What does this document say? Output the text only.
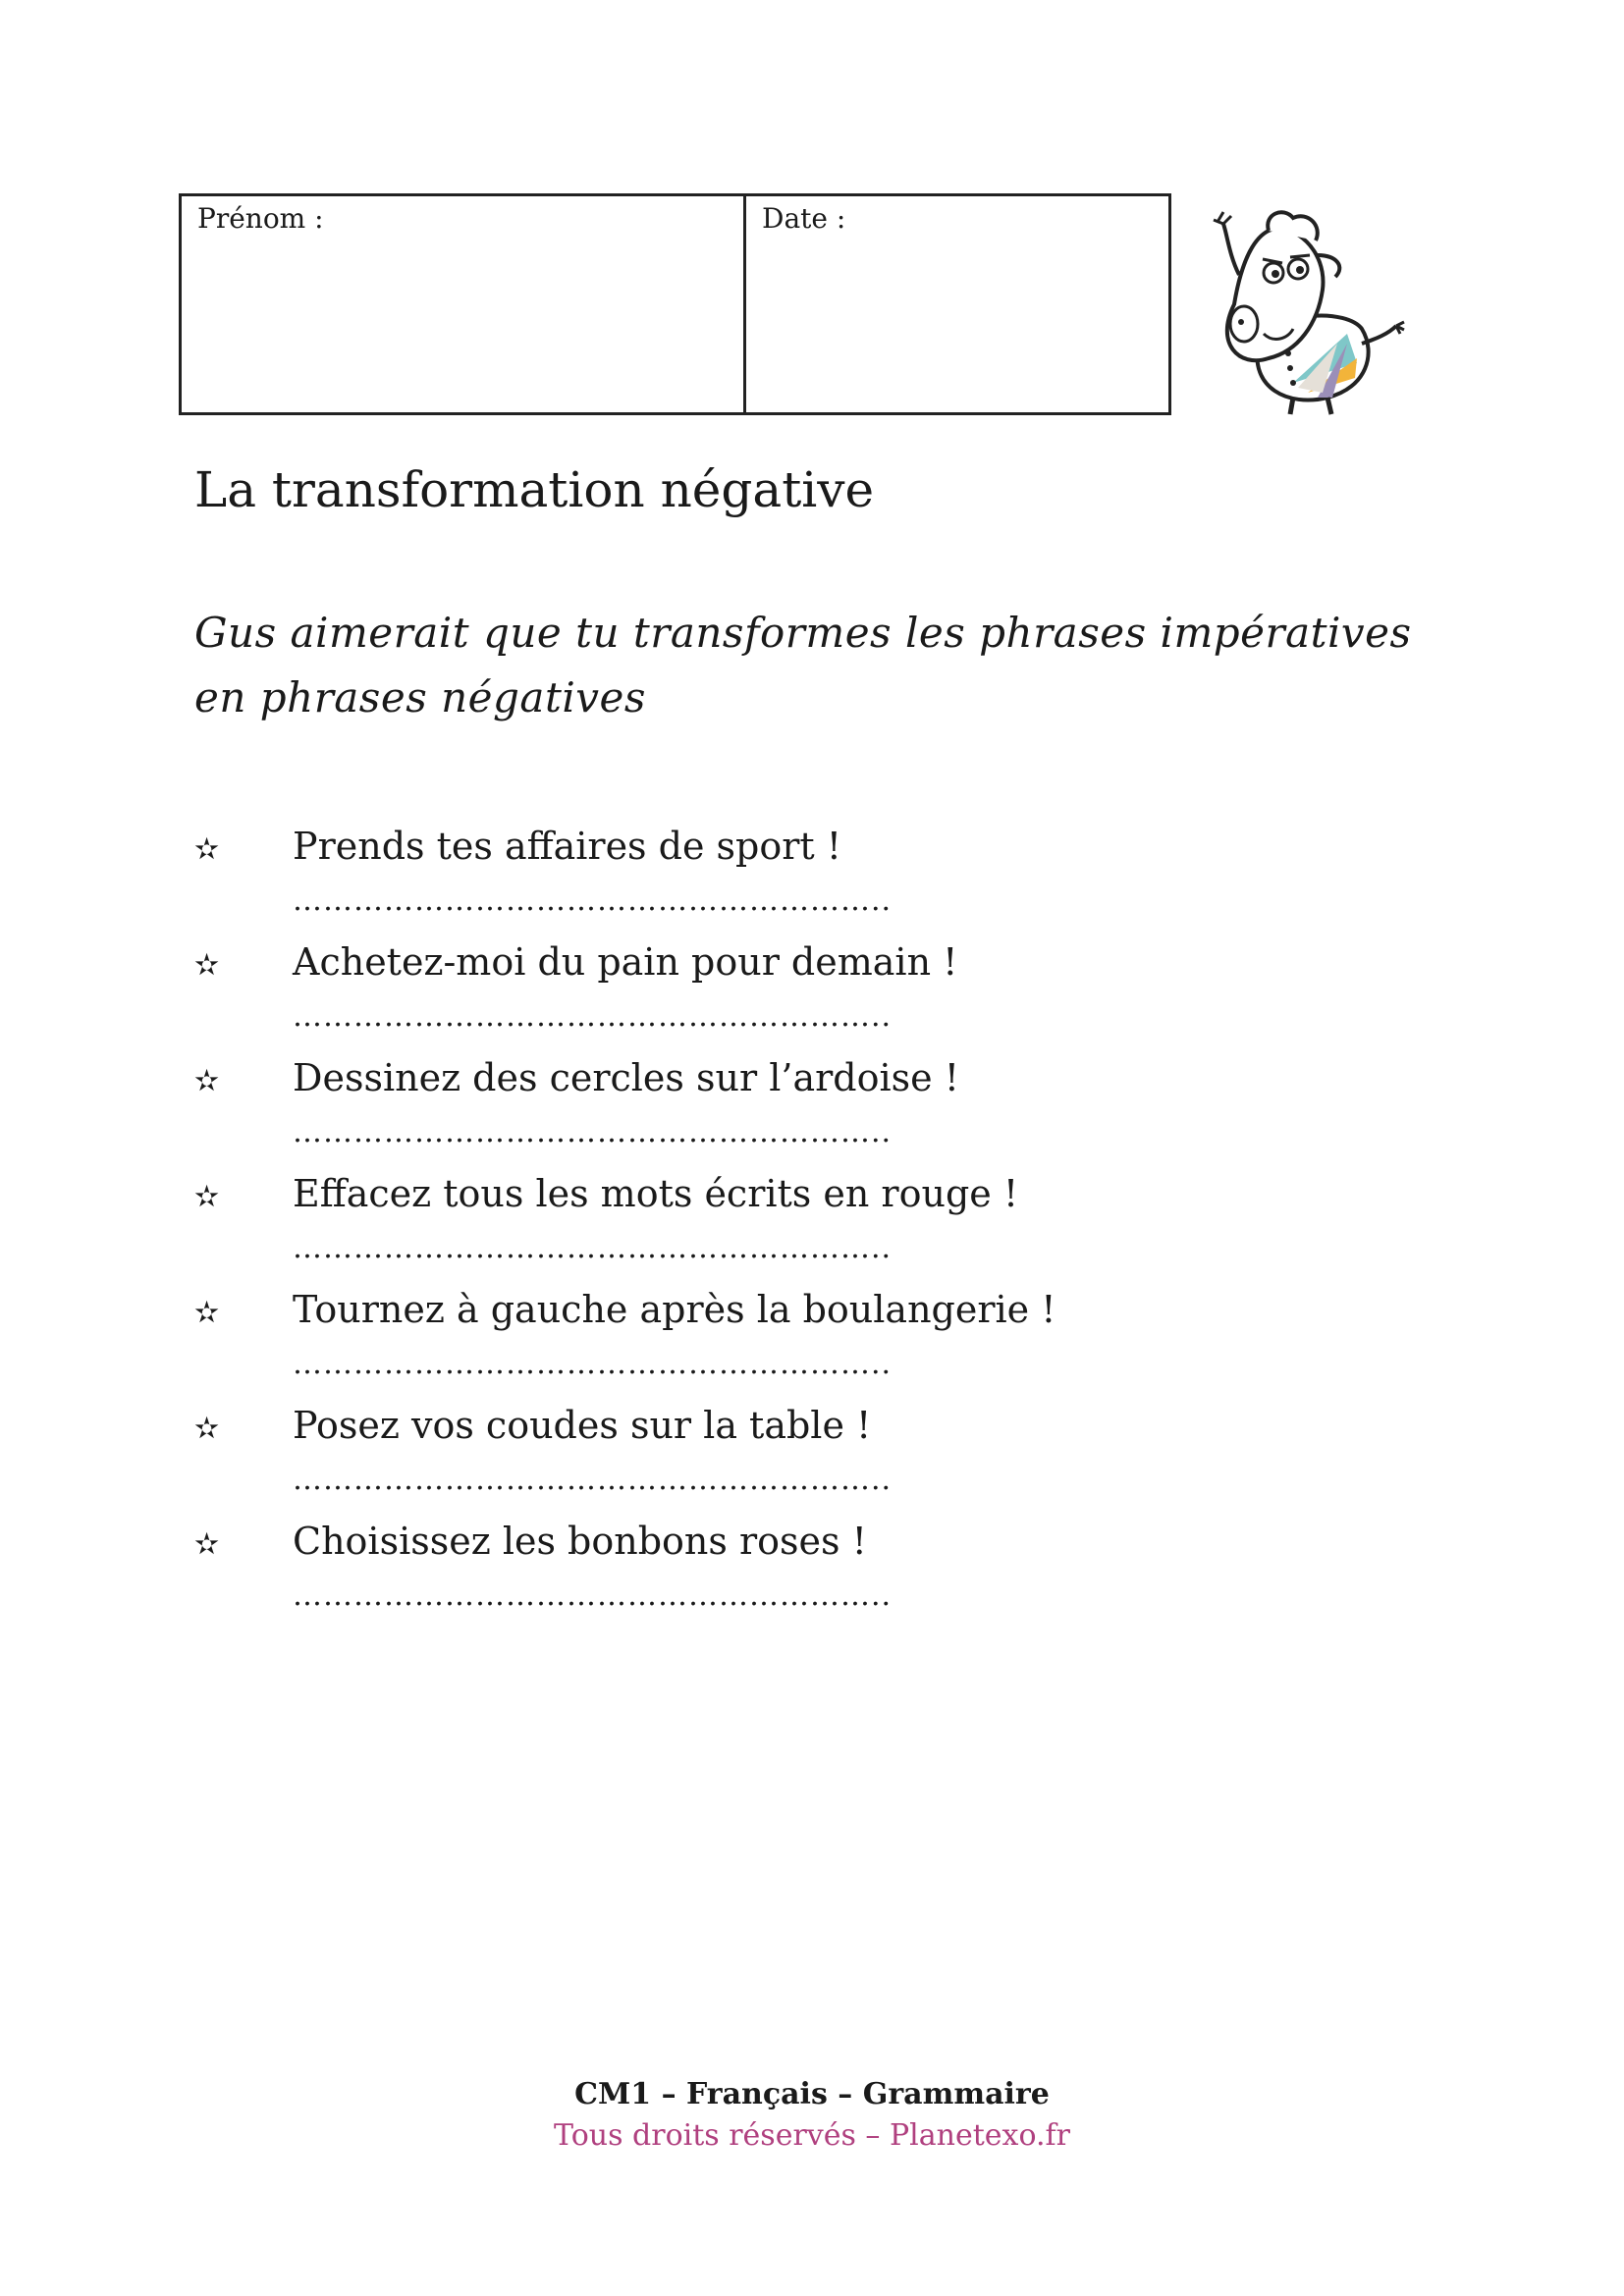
Prénom :	Date :
La transformation négative
Gus aimerait que tu transformes les phrases impératives en phrases négatives
✫ Prends tes affaires de sport !
…………………………………………………..
✫ Achetez-moi du pain pour demain !
…………………………………………………..
✫ Dessinez des cercles sur l’ardoise !
…………………………………………………..
✫ Effacez tous les mots écrits en rouge !
…………………………………………………..
✫ Tournez à gauche après la boulangerie !
…………………………………………………..
✫ Posez vos coudes sur la table !
…………………………………………………..
✫ Choisissez les bonbons roses !
…………………………………………………..
CM1 – Français – Grammaire
Tous droits réservés – Planetexo.fr
